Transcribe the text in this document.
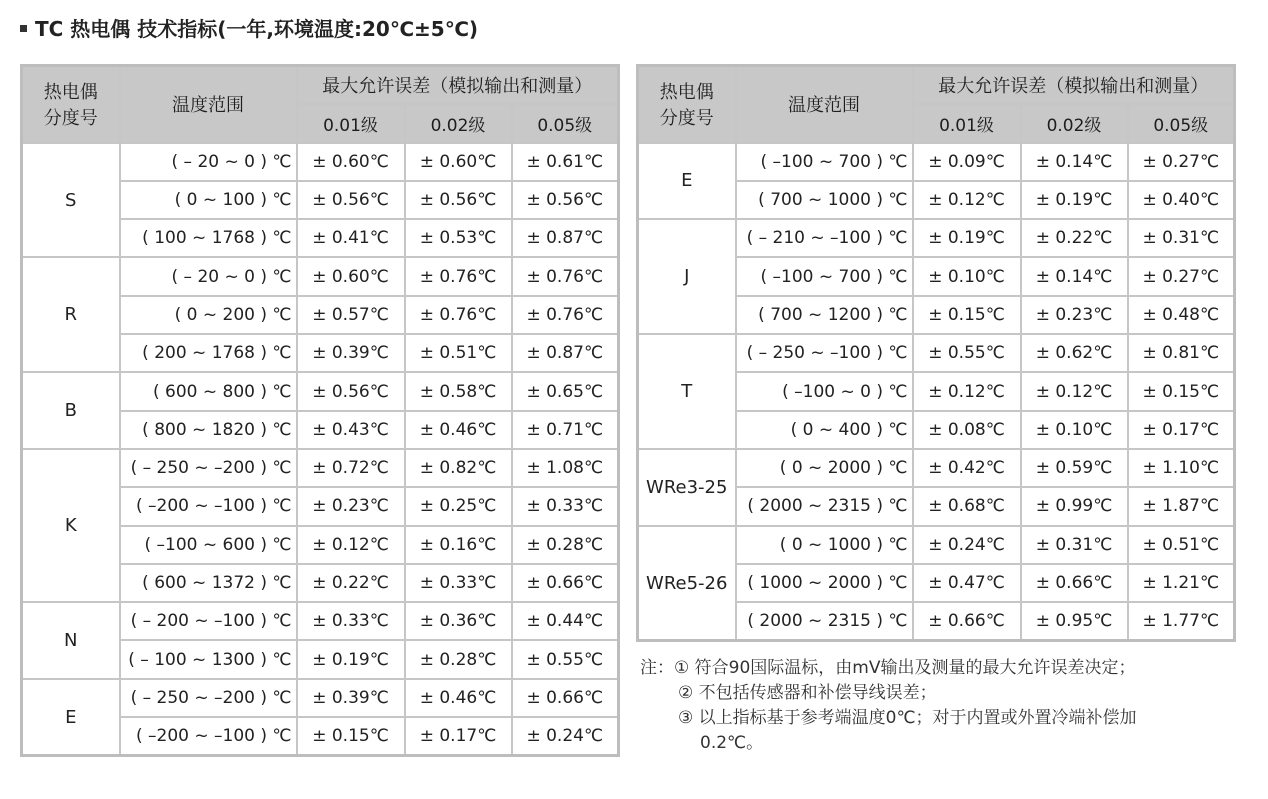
TC 热电偶 技术指标(一年,环境温度:20℃±5℃)
热电偶
分度号	温度范围	最大允许误差（模拟输出和测量）		
		0.01级	0.02级	0.05级
S	( – 20 ~ 0 ) ℃	± 0.60℃	± 0.60℃	± 0.61℃
	( 0 ~ 100 ) ℃	± 0.56℃	± 0.56℃	± 0.56℃
	( 100 ~ 1768 ) ℃	± 0.41℃	± 0.53℃	± 0.87℃
R	( – 20 ~ 0 ) ℃	± 0.60℃	± 0.76℃	± 0.76℃
	( 0 ~ 200 ) ℃	± 0.57℃	± 0.76℃	± 0.76℃
	( 200 ~ 1768 ) ℃	± 0.39℃	± 0.51℃	± 0.87℃
B	( 600 ~ 800 ) ℃	± 0.56℃	± 0.58℃	± 0.65℃
	( 800 ~ 1820 ) ℃	± 0.43℃	± 0.46℃	± 0.71℃
K	( – 250 ~ –200 ) ℃	± 0.72℃	± 0.82℃	± 1.08℃
	( –200 ~ –100 ) ℃	± 0.23℃	± 0.25℃	± 0.33℃
	( –100 ~ 600 ) ℃	± 0.12℃	± 0.16℃	± 0.28℃
	( 600 ~ 1372 ) ℃	± 0.22℃	± 0.33℃	± 0.66℃
N	( – 200 ~ –100 ) ℃	± 0.33℃	± 0.36℃	± 0.44℃
	( – 100 ~ 1300 ) ℃	± 0.19℃	± 0.28℃	± 0.55℃
E	( – 250 ~ –200 ) ℃	± 0.39℃	± 0.46℃	± 0.66℃
	( –200 ~ –100 ) ℃	± 0.15℃	± 0.17℃	± 0.24℃
热电偶
分度号	温度范围	最大允许误差（模拟输出和测量）		
		0.01级	0.02级	0.05级
E	( –100 ~ 700 ) ℃	± 0.09℃	± 0.14℃	± 0.27℃
	( 700 ~ 1000 ) ℃	± 0.12℃	± 0.19℃	± 0.40℃
J	( – 210 ~ –100 ) ℃	± 0.19℃	± 0.22℃	± 0.31℃
	( –100 ~ 700 ) ℃	± 0.10℃	± 0.14℃	± 0.27℃
	( 700 ~ 1200 ) ℃	± 0.15℃	± 0.23℃	± 0.48℃
T	( – 250 ~ –100 ) ℃	± 0.55℃	± 0.62℃	± 0.81℃
	( –100 ~ 0 ) ℃	± 0.12℃	± 0.12℃	± 0.15℃
	( 0 ~ 400 ) ℃	± 0.08℃	± 0.10℃	± 0.17℃
WRe3-25	( 0 ~ 2000 ) ℃	± 0.42℃	± 0.59℃	± 1.10℃
	( 2000 ~ 2315 ) ℃	± 0.68℃	± 0.99℃	± 1.87℃
WRe5-26	( 0 ~ 1000 ) ℃	± 0.24℃	± 0.31℃	± 0.51℃
	( 1000 ~ 2000 ) ℃	± 0.47℃	± 0.66℃	± 1.21℃
	( 2000 ~ 2315 ) ℃	± 0.66℃	± 0.95℃	± 1.77℃
注：① 符合90国际温标，由mV输出及测量的最大允许误差决定；
② 不包括传感器和补偿导线误差；
③ 以上指标基于参考端温度0℃；对于内置或外置冷端补偿加
0.2℃。
